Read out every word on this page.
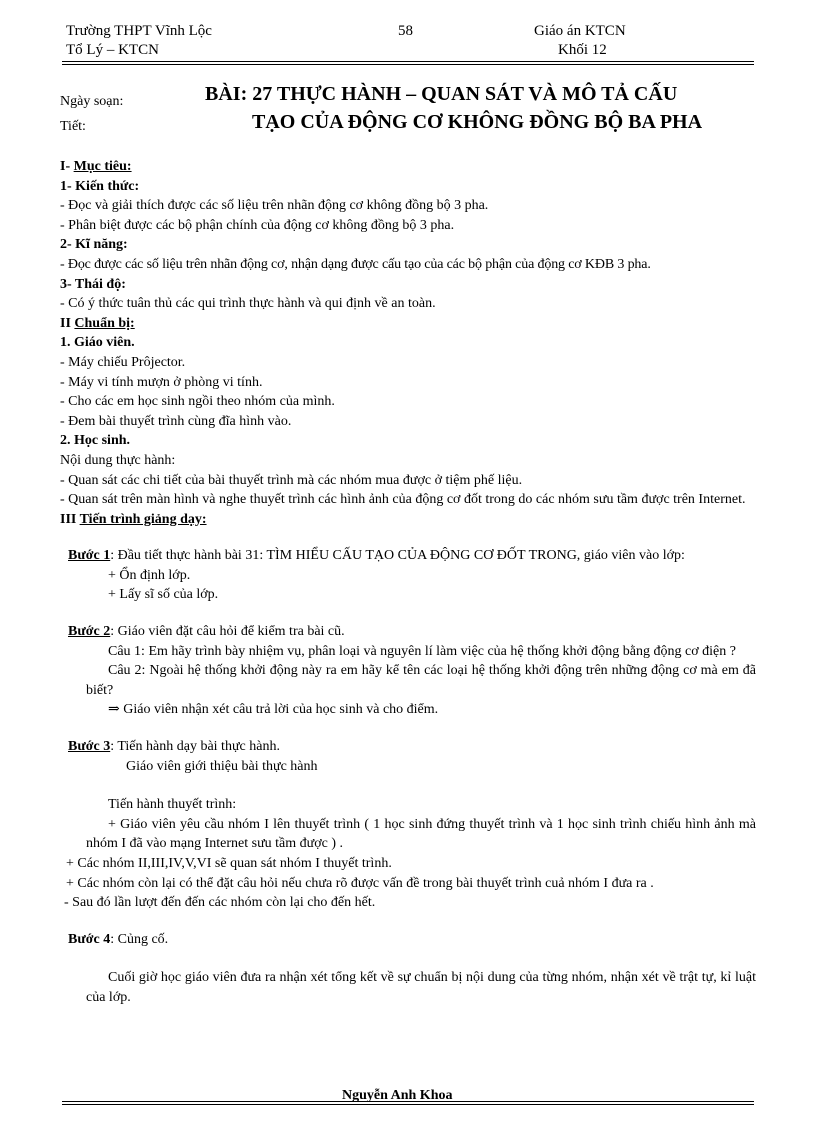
Trường THPT Vĩnh Lộc
Tổ Lý – KTCN
58	Giáo án KTCN
Khối 12
Ngày soạn:
Tiết:
BÀI: 27 THỰC HÀNH – QUAN SÁT VÀ MÔ TẢ CẤU
TẠO CỦA ĐỘNG CƠ KHÔNG ĐỒNG BỘ BA PHA
I- Mục tiêu:
1- Kiến thức:
- Đọc và giải thích được các số liệu trên nhãn động cơ không đồng bộ 3 pha.
- Phân biệt được các bộ phận chính của động cơ không đồng bộ 3 pha.
2- Kĩ năng:
- Đọc được các số liệu trên nhãn động cơ, nhận dạng được cấu tạo của các bộ phận của động cơ KĐB 3 pha.
3- Thái độ:
- Có ý thức tuân thủ các qui trình thực hành và qui định về an toàn.
II Chuẩn bị:
1. Giáo viên.
- Máy chiếu Prôjector.
- Máy vi tính mượn ở phòng vi tính.
- Cho các em học sinh ngồi theo nhóm của mình.
- Đem bài thuyết trình cùng đĩa hình vào.
2. Học sinh.
Nội dung thực hành:
- Quan sát các chi tiết của bài thuyết trình mà các nhóm mua được ở tiệm phế liệu.
- Quan sát trên màn hình và nghe thuyết trình các hình ảnh của động cơ đốt trong do các nhóm sưu tầm được trên Internet.
III Tiến trình giảng dạy:
Bước 1: Đầu tiết thực hành bài 31: TÌM HIỂU CẤU TẠO CỦA ĐỘNG CƠ ĐỐT TRONG, giáo viên vào lớp:
+ Ổn định lớp.
+ Lấy sĩ số của lớp.
Bước 2: Giáo viên đặt câu hỏi để kiểm tra bài cũ.
Câu 1: Em hãy trình bày nhiệm vụ, phân loại và nguyên lí làm việc của hệ thống khởi động bằng động cơ điện ?
Câu 2: Ngoài hệ thống khởi động này ra em hãy kể tên các loại hệ thống khởi động trên những động cơ mà em đã biết?
⇒ Giáo viên nhận xét câu trả lời của học sinh và cho điểm.
Bước 3: Tiến hành dạy bài thực hành.
Giáo viên giới thiệu bài thực hành
Tiến hành thuyết trình:
+ Giáo viên yêu cầu nhóm I lên thuyết trình ( 1 học sinh đứng thuyết trình và 1 học sinh trình chiếu hình ảnh mà nhóm I đã vào mạng Internet sưu tầm được ) .
+ Các nhóm II,III,IV,V,VI sẽ quan sát nhóm I thuyết trình.
+ Các nhóm còn lại có thể đặt câu hỏi nếu chưa rõ được vấn đề trong bài thuyết trình cuả nhóm I đưa ra .
- Sau đó lần lượt đến đến các nhóm còn lại cho đến hết.
Bước 4: Củng cố.
Cuối giờ học giáo viên đưa ra nhận xét tổng kết về sự chuẩn bị nội dung của từng nhóm, nhận xét về trật tự, kỉ luật của lớp.
Nguyễn Anh Khoa
